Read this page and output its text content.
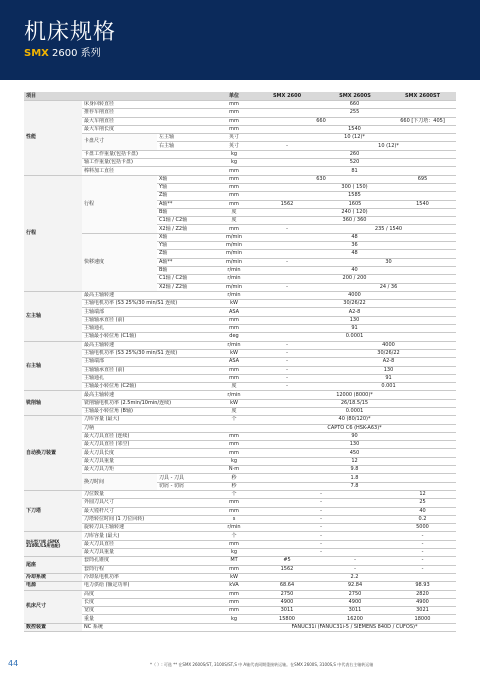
机床规格
SMX 2600 系列
项目			单位	SMX 2600	SMX 2600S	SMX 2600ST
性能	床身回转直径		mm	660		
	推荐车削直径		mm	255		
	最大车削直径		mm	660		660 [下刀塔：405]
	最大车削长度		mm	1540		
	卡盘尺寸	左主轴	英寸	10 (12)*		
		右主轴	英寸	-	10 (12)*	
	卡盘工作重量(包括卡盘)		kg	260		
	轴工作重量(包括卡盘)		kg	520		
	棒料加工直径		mm	81		
行程	行程	X轴	mm	630		695
		Y轴	mm	300 ( 150)		
		Z轴	mm	1585		
		A轴**	mm	1562	1605	1540
		B轴	度	240 ( 120)		
		C1轴 / C2轴	度	360 / 360		
		X2轴 / Z2轴	mm	-	235 / 1540	
	快移速度	X轴	m/min	48		
		Y轴	m/min	36		
		Z轴	m/min	48		
		A轴**	m/min	-	30	
		B轴	r/min	40		
		C1轴 / C2轴	r/min	200 / 200		
		X2轴 / Z2轴	m/min	-	24 / 36	
左主轴	最高主轴转速		r/min	4000		
	主轴电机功率 (S3 25%/30 min/S1 连续)		kW	30/26/22		
	主轴端部		ASA	A2-8		
	主轴轴承直径 (前)		mm	130		
	主轴通孔		mm	91		
	主轴最小转位角 (C1轴)		deg	0.0001		
右主轴	最高主轴转速		r/min	-	4000	
	主轴电机功率 (S3 25%/30 min/S1 连续)		kW	-	30/26/22	
	主轴端部		ASA	-	A2-8	
	主轴轴承直径 (前)		mm	-	130	
	主轴通孔		mm	-	91	
	主轴最小转位角 (C2轴)		度	-	0.001	
铣削轴	最高主轴转速		r/min	12000 (8000)*		
	铣削轴电机功率 (2.5min/10min/连续)		kW	26/18.5/15		
	主轴最小转位角 (B轴)		度	0.0001		
自动换刀装置	刀库容量 (最大)		个	40 (80/120)*		
	刀柄			CAPTO C6 (HSK-A63)*		
	最大刀具直径 (连续)		mm	90		
	最大刀具直径 (邻空)		mm	130		
	最大刀具长度		mm	450		
	最大刀具重量		kg	12		
	最大刀具力矩		N·m	9.8		
	换刀时间	刀具 - 刀具	秒	1.8		
		切屑 - 切屑	秒	7.8		
下刀塔	刀位数量		个	-		12
	外圆刀具尺寸		mm	-		25
	最大镗杆尺寸		mm	-		40
	刀塔转位时间 (1 刀位回转)		s	-		0.2
	旋转刀具主轴转速		r/min	-		5000
加长型刀库 (SMX 3100L/LS所选配)	刀库容量 (最大)		个	-		-
	最大刀具直径		mm	-		-
	最大刀具重量		kg	-		-
尾座	套筒孔锥度		MT	#5	-	-
	套筒行程		mm	1562	-	-
冷却系统	冷却泵电机功率		kW	2.2		
电源	电力供给 (额定功率)		kVA	68.64	92.84	98.93
机床尺寸	高度		mm	2750	2750	2820
	长度		mm	4900	4900	4900
	宽度		mm	3011	3011	3021
	重量		kg	15800	16200	18000
数控装置	NC 系统			FANUC31i (FANUC31i-5 / SIEMENS 840D / CUFOS)*		
44	*（ ）: 可选 ** 在SMX 2600S/ST, 3100S/ST,S 中 A轴代表同期重接转运轴。在SMX 2600S, 3100S,S 中代表右主轴转运轴
